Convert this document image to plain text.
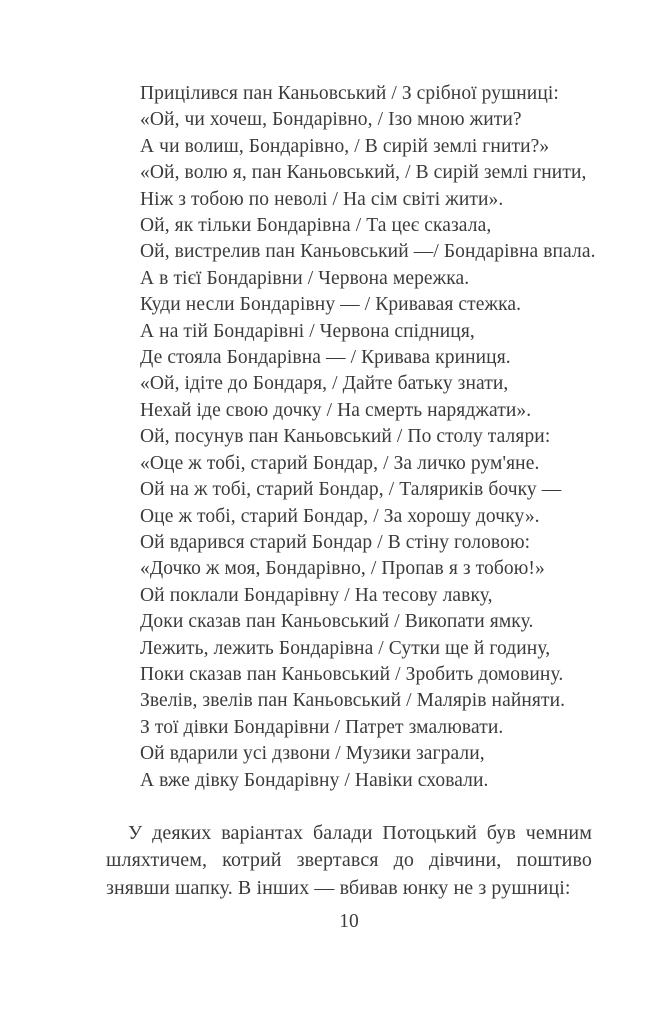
Прицілився пан Каньовський / З срібної рушниці:
«Ой, чи хочеш, Бондарівно, / Ізо мною жити?
А чи волиш, Бондарівно, / В сирій землі гнити?»
«Ой, волю я, пан Каньовський, / В сирій землі гнити,
Ніж з тобою по неволі / На сім світі жити».
Ой, як тільки Бондарівна / Та цеє сказала,
Ой, вистрелив пан Каньовський —/ Бондарівна впала.
А в тієї Бондарівни / Червона мережка.
Куди несли Бондарівну — / Кривавая стежка.
А на тій Бондарівні / Червона спідниця,
Де стояла Бондарівна — / Кривава криниця.
«Ой, ідіте до Бондаря, / Дайте батьку знати,
Нехай іде свою дочку / На смерть наряджати».
Ой, посунув пан Каньовський / По столу таляри:
«Оце ж тобі, старий Бондар, / За личко рум'яне.
Ой на ж тобі, старий Бондар, / Таляриків бочку —
Оце ж тобі, старий Бондар, / За хорошу дочку».
Ой вдарився старий Бондар / В стіну головою:
«Дочко ж моя, Бондарівно, / Пропав я з тобою!»
Ой поклали Бондарівну / На тесову лавку,
Доки сказав пан Каньовський / Викопати ямку.
Лежить, лежить Бондарівна / Сутки ще й годину,
Поки сказав пан Каньовський / Зробить домовину.
Звелів, звелів пан Каньовський / Малярів найняти.
З тої дівки Бондарівни / Патрет змалювати.
Ой вдарили усі дзвони / Музики заграли,
А вже дівку Бондарівну / Навіки сховали.

У деяких варіантах балади Потоцький був чемним шляхтичем, котрий звертався до дівчини, поштиво знявши шапку. В інших — вбивав юнку не з рушниці:

10
